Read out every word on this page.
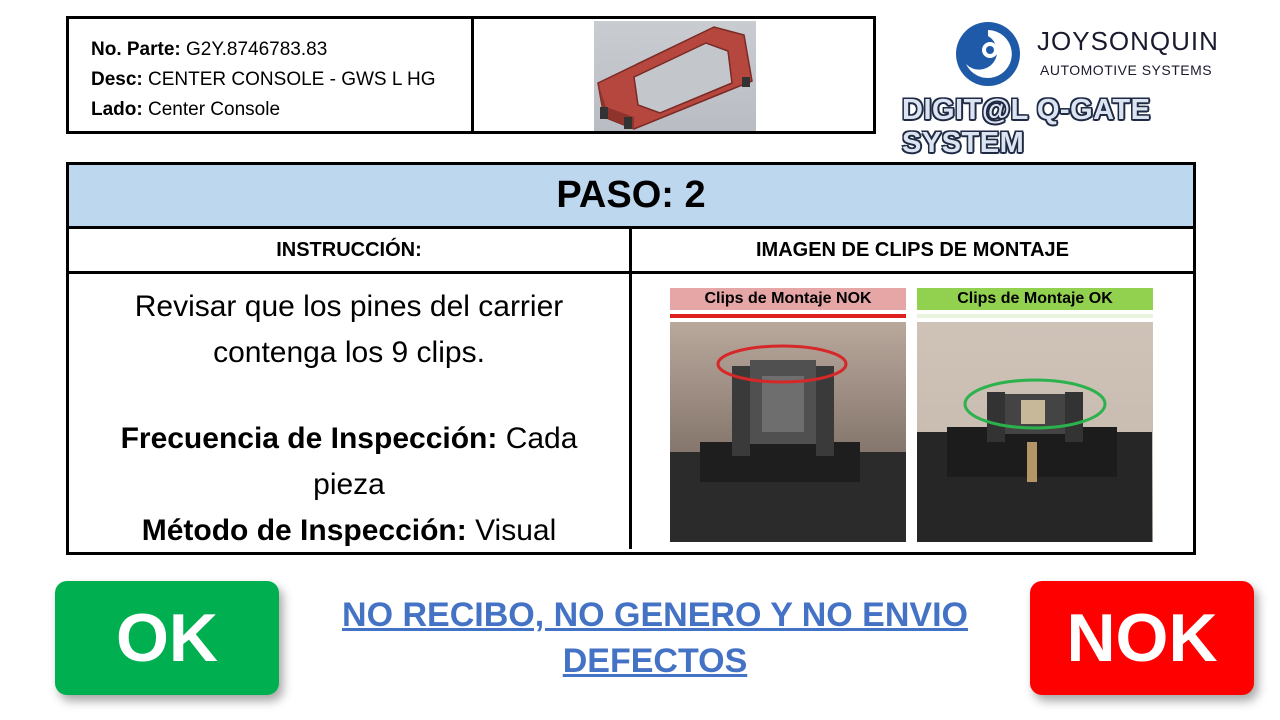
No. Parte: G2Y.8746783.83
Desc: CENTER CONSOLE - GWS L HG
Lado: Center Console
JOYSONQUIN
AUTOMOTIVE SYSTEMS
DIGIT@L Q-GATE SYSTEM
PASO: 2
INSTRUCCIÓN:	IMAGEN DE CLIPS DE MONTAJE
Revisar que los pines del carrier contenga los 9 clips.
Frecuencia de Inspección: Cada pieza
Método de Inspección: Visual
Clips de Montaje NOK	Clips de Montaje OK
OK	NO RECIBO, NO GENERO Y NO ENVIO DEFECTOS	NOK
